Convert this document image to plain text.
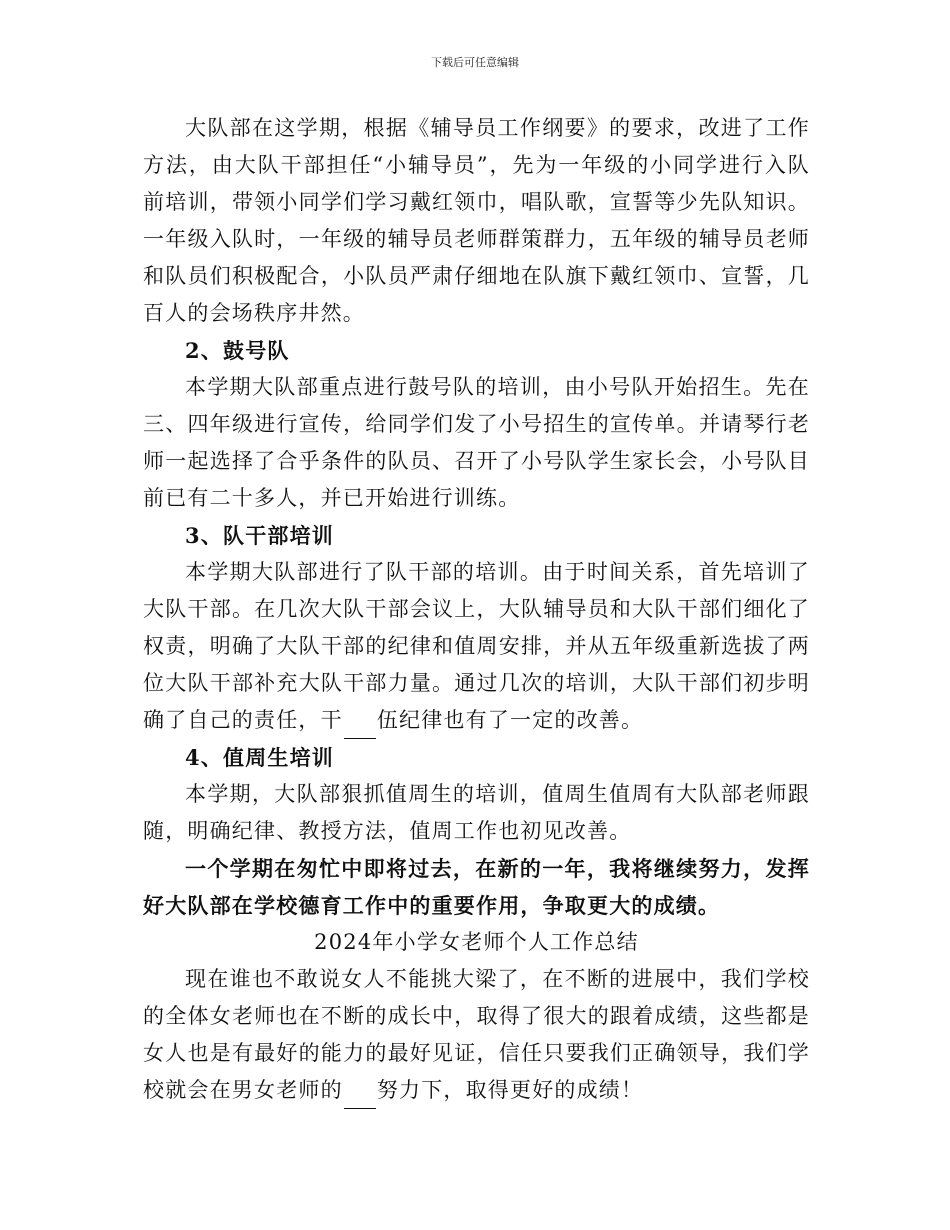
下载后可任意编辑

大队部在这学期，根据《辅导员工作纲要》的要求，改进了工作方法，由大队干部担任“小辅导员”，先为一年级的小同学进行入队前培训，带领小同学们学习戴红领巾，唱队歌，宣誓等少先队知识。一年级入队时，一年级的辅导员老师群策群力，五年级的辅导员老师和队员们积极配合，小队员严肃仔细地在队旗下戴红领巾、宣誓，几百人的会场秩序井然。

2、鼓号队

本学期大队部重点进行鼓号队的培训，由小号队开始招生。先在三、四年级进行宣传，给同学们发了小号招生的宣传单。并请琴行老师一起选择了合乎条件的队员、召开了小号队学生家长会，小号队目前已有二十多人，并已开始进行训练。

3、队干部培训

本学期大队部进行了队干部的培训。由于时间关系，首先培训了大队干部。在几次大队干部会议上，大队辅导员和大队干部们细化了权责，明确了大队干部的纪律和值周安排，并从五年级重新选拔了两位大队干部补充大队干部力量。通过几次的培训，大队干部们初步明确了自己的责任，干 伍纪律也有了一定的改善。

4、值周生培训

本学期，大队部狠抓值周生的培训，值周生值周有大队部老师跟随，明确纪律、教授方法，值周工作也初见改善。

一个学期在匆忙中即将过去，在新的一年，我将继续努力，发挥好大队部在学校德育工作中的重要作用，争取更大的成绩。

2024年小学女老师个人工作总结

现在谁也不敢说女人不能挑大梁了，在不断的进展中，我们学校的全体女老师也在不断的成长中，取得了很大的跟着成绩，这些都是女人也是有最好的能力的最好见证，信任只要我们正确领导，我们学校就会在男女老师的 努力下，取得更好的成绩！
